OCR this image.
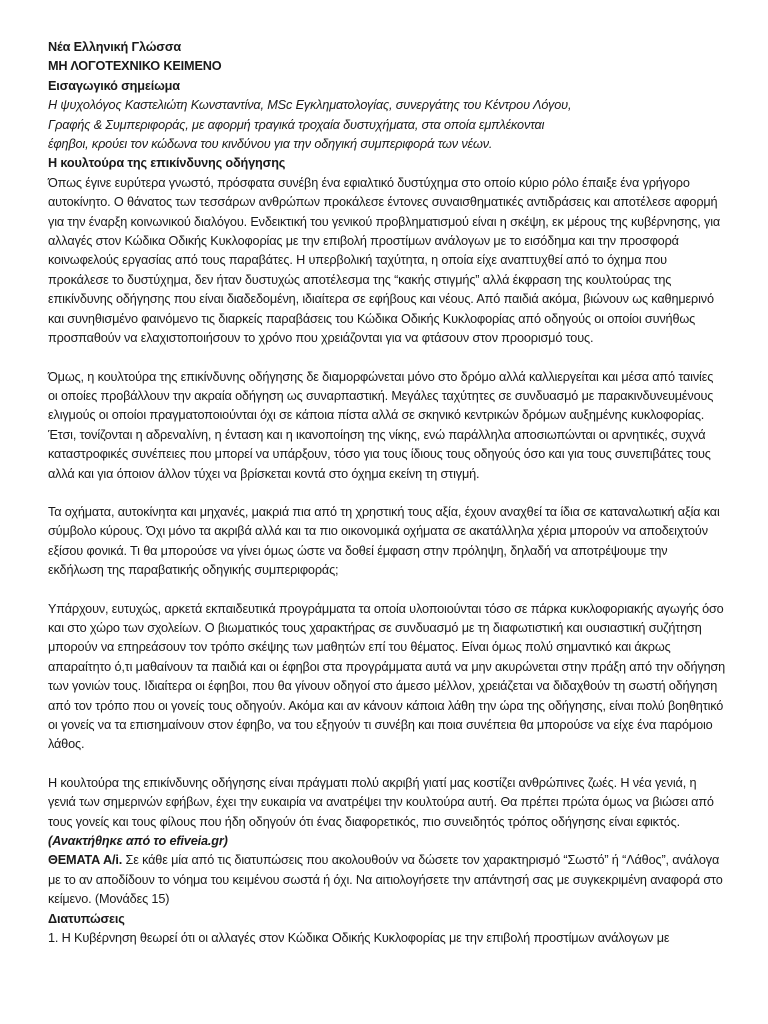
Νέα Ελληνική Γλώσσα

ΜΗ ΛΟΓΟΤΕΧΝΙΚΟ ΚΕΙΜΕΝΟ

Εισαγωγικό σημείωμα

Η ψυχολόγος Καστελιώτη Κωνσταντίνα, MSc Εγκληματολογίας, συνεργάτης του Κέντρου Λόγου, Γραφής & Συμπεριφοράς, με αφορμή τραγικά τροχαία δυστυχήματα, στα οποία εμπλέκονται έφηβοι, κρούει τον κώδωνα του κινδύνου για την οδηγική συμπεριφορά των νέων.

Η κουλτούρα της επικίνδυνης οδήγησης

Όπως έγινε ευρύτερα γνωστό, πρόσφατα συνέβη ένα εφιαλτικό δυστύχημα στο οποίο κύριο ρόλο έπαιξε ένα γρήγορο αυτοκίνητο. Ο θάνατος των τεσσάρων ανθρώπων προκάλεσε έντονες συναισθηματικές αντιδράσεις και αποτέλεσε αφορμή για την έναρξη κοινωνικού διαλόγου. Ενδεικτική του γενικού προβληματισμού είναι η σκέψη, εκ μέρους της κυβέρνησης, για αλλαγές στον Κώδικα Οδικής Κυκλοφορίας με την επιβολή προστίμων ανάλογων με το εισόδημα και την προσφορά κοινωφελούς εργασίας από τους παραβάτες. Η υπερβολική ταχύτητα, η οποία είχε αναπτυχθεί από το όχημα που προκάλεσε το δυστύχημα, δεν ήταν δυστυχώς αποτέλεσμα της “κακής στιγμής” αλλά έκφραση της κουλτούρας της επικίνδυνης οδήγησης που είναι διαδεδομένη, ιδιαίτερα σε εφήβους και νέους. Από παιδιά ακόμα, βιώνουν ως καθημερινό και συνηθισμένο φαινόμενο τις διαρκείς παραβάσεις του Κώδικα Οδικής Κυκλοφορίας από οδηγούς οι οποίοι συνήθως προσπαθούν να ελαχιστοποιήσουν το χρόνο που χρειάζονται για να φτάσουν στον προορισμό τους.

Όμως, η κουλτούρα της επικίνδυνης οδήγησης δε διαμορφώνεται μόνο στο δρόμο αλλά καλλιεργείται και μέσα από ταινίες οι οποίες προβάλλουν την ακραία οδήγηση ως συναρπαστική. Μεγάλες ταχύτητες σε συνδυασμό με παρακινδυνευμένους ελιγμούς οι οποίοι πραγματοποιούνται όχι σε κάποια πίστα αλλά σε σκηνικό κεντρικών δρόμων αυξημένης κυκλοφορίας. Έτσι, τονίζονται η αδρεναλίνη, η ένταση και η ικανοποίηση της νίκης, ενώ παράλληλα αποσιωπώνται οι αρνητικές, συχνά καταστροφικές συνέπειες που μπορεί να υπάρξουν, τόσο για τους ίδιους τους οδηγούς όσο και για τους συνεπιβάτες τους αλλά και για όποιον άλλον τύχει να βρίσκεται κοντά στο όχημα εκείνη τη στιγμή.

Τα οχήματα, αυτοκίνητα και μηχανές, μακριά πια από τη χρηστική τους αξία, έχουν αναχθεί τα ίδια σε καταναλωτική αξία και σύμβολο κύρους. Όχι μόνο τα ακριβά αλλά και τα πιο οικονομικά οχήματα σε ακατάλληλα χέρια μπορούν να αποδειχτούν εξίσου φονικά. Τι θα μπορούσε να γίνει όμως ώστε να δοθεί έμφαση στην πρόληψη, δηλαδή να αποτρέψουμε την εκδήλωση της παραβατικής οδηγικής συμπεριφοράς;

Υπάρχουν, ευτυχώς, αρκετά εκπαιδευτικά προγράμματα τα οποία υλοποιούνται τόσο σε πάρκα κυκλοφοριακής αγωγής όσο και στο χώρο των σχολείων. Ο βιωματικός τους χαρακτήρας σε συνδυασμό με τη διαφωτιστική και ουσιαστική συζήτηση μπορούν να επηρεάσουν τον τρόπο σκέψης των μαθητών επί του θέματος. Είναι όμως πολύ σημαντικό και άκρως απαραίτητο ό,τι μαθαίνουν τα παιδιά και οι έφηβοι στα προγράμματα αυτά να μην ακυρώνεται στην πράξη από την οδήγηση των γονιών τους. Ιδιαίτερα οι έφηβοι, που θα γίνουν οδηγοί στο άμεσο μέλλον, χρειάζεται να διδαχθούν τη σωστή οδήγηση από τον τρόπο που οι γονείς τους οδηγούν. Ακόμα και αν κάνουν κάποια λάθη την ώρα της οδήγησης, είναι πολύ βοηθητικό οι γονείς να τα επισημαίνουν στον έφηβο, να του εξηγούν τι συνέβη και ποια συνέπεια θα μπορούσε να είχε ένα παρόμοιο λάθος.

Η κουλτούρα της επικίνδυνης οδήγησης είναι πράγματι πολύ ακριβή γιατί μας κοστίζει ανθρώπινες ζωές. Η νέα γενιά, η γενιά των σημερινών εφήβων, έχει την ευκαιρία να ανατρέψει την κουλτούρα αυτή. Θα πρέπει πρώτα όμως να βιώσει από τους γονείς και τους φίλους που ήδη οδηγούν ότι ένας διαφορετικός, πιο συνειδητός τρόπος οδήγησης είναι εφικτός.

(Ανακτήθηκε από το efiveia.gr)

ΘΕΜΑΤΑ Α/i. Σε κάθε μία από τις διατυπώσεις που ακολουθούν να δώσετε τον χαρακτηρισμό “Σωστό” ή “Λάθος”, ανάλογα με το αν αποδίδουν το νόημα του κειμένου σωστά ή όχι. Να αιτιολογήσετε την απάντησή σας με συγκεκριμένη αναφορά στο κείμενο. (Μονάδες 15)

Διατυπώσεις

1. Η Κυβέρνηση θεωρεί ότι οι αλλαγές στον Κώδικα Οδικής Κυκλοφορίας με την επιβολή προστίμων ανάλογων με
